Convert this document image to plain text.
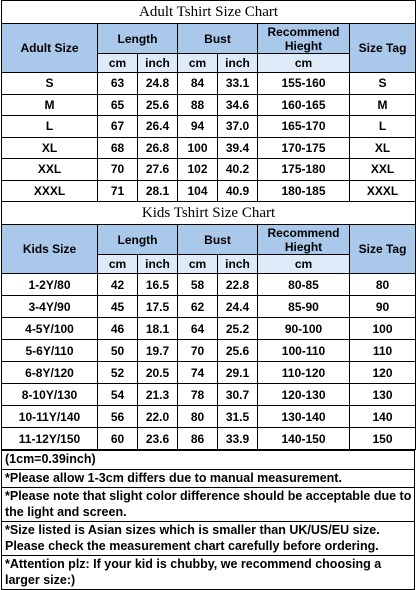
Adult Tshirt Size Chart						
Adult Size	Length		Bust		Recommend Hieght	Size Tag
	cm	inch	cm	inch	cm	
S	63	24.8	84	33.1	155-160	S
M	65	25.6	88	34.6	160-165	M
L	67	26.4	94	37.0	165-170	L
XL	68	26.8	100	39.4	170-175	XL
XXL	70	27.6	102	40.2	175-180	XXL
XXXL	71	28.1	104	40.9	180-185	XXXL
Kids Tshirt Size Chart						
Kids Size	Length		Bust		Recommend Hieght	Size Tag
	cm	inch	cm	inch	cm	
1-2Y/80	42	16.5	58	22.8	80-85	80
3-4Y/90	45	17.5	62	24.4	85-90	90
4-5Y/100	46	18.1	64	25.2	90-100	100
5-6Y/110	50	19.7	70	25.6	100-110	110
6-8Y/120	52	20.5	74	29.1	110-120	120
8-10Y/130	54	21.3	78	30.7	120-130	130
10-11Y/140	56	22.0	80	31.5	130-140	140
11-12Y/150	60	23.6	86	33.9	140-150	150
(1cm=0.39inch)
*Please allow 1-3cm differs due to manual measurement.
*Please note that slight color difference should be acceptable due to the light and screen.
*Size listed is Asian sizes which is smaller than UK/US/EU size. Please check the measurement chart carefully before ordering.
*Attention plz: If your kid is chubby, we recommend choosing a larger size:)
